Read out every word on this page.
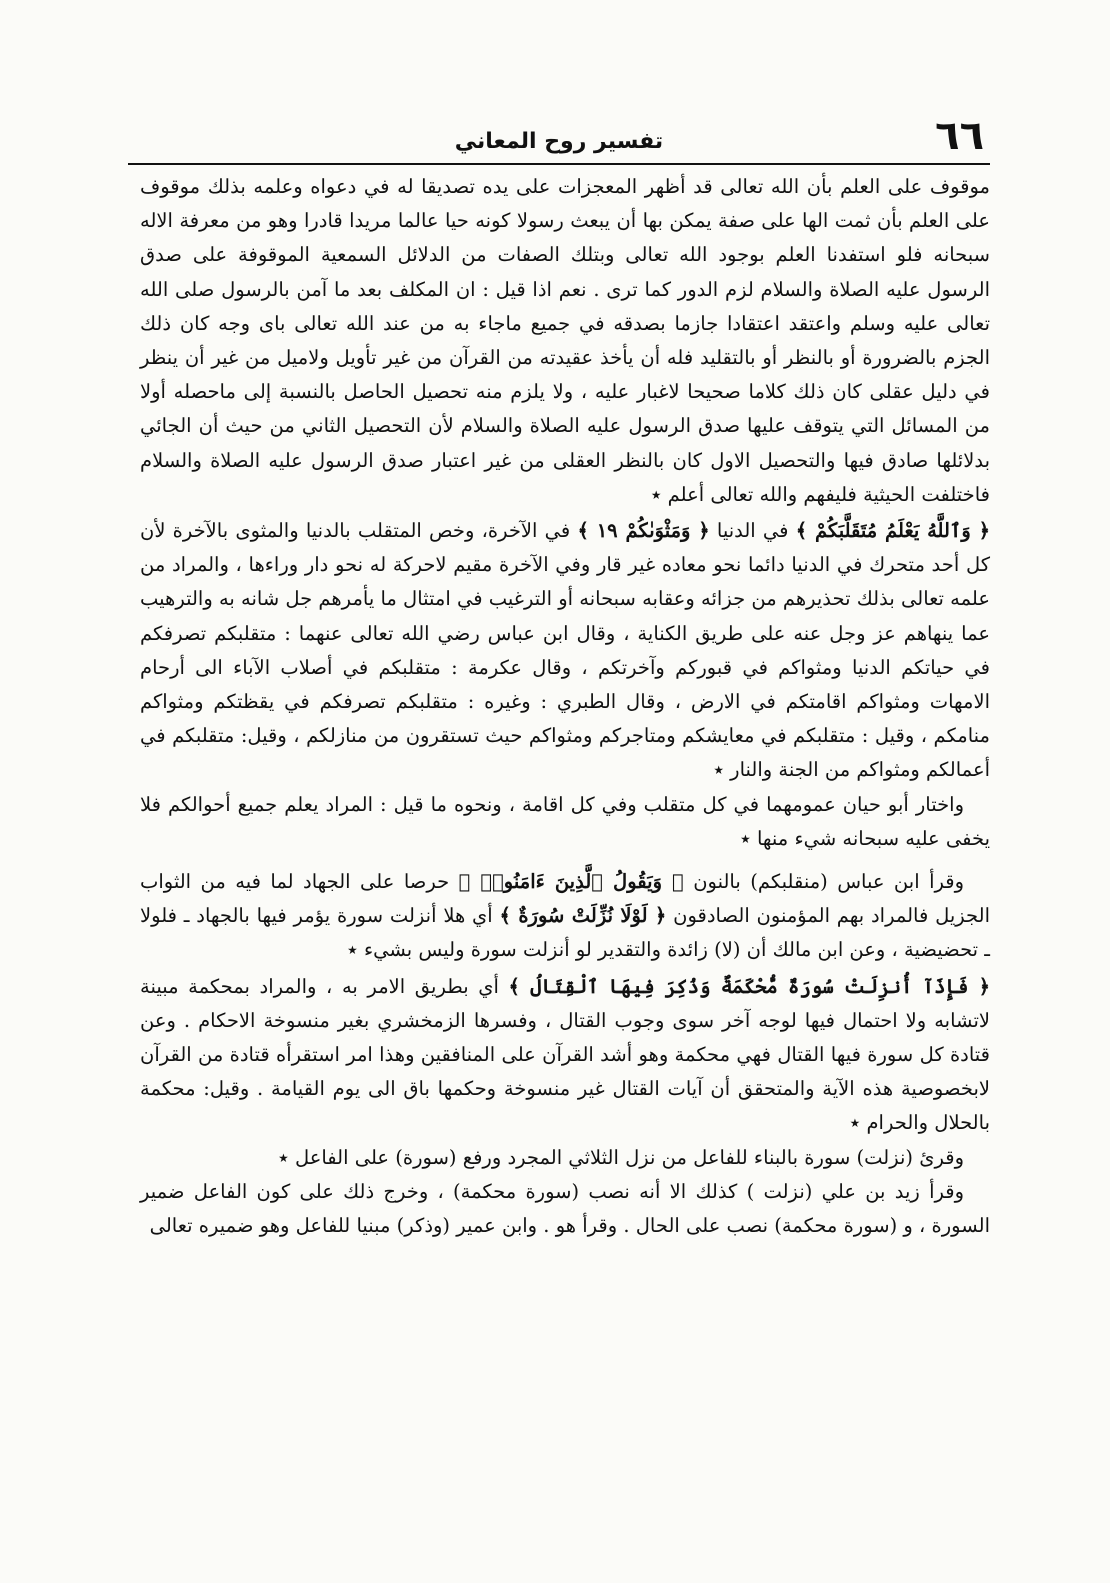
٦٦
تفسير روح المعاني

موقوف على العلم بأن الله تعالى قد أظهر المعجزات على يده تصديقا له في دعواه وعلمه بذلك موقوف على العلم بأن ثمت الها على صفة يمكن بها أن يبعث رسولا كونه حيا عالما مريدا قادرا وهو من معرفة الاله سبحانه فلو استفدنا العلم بوجود الله تعالى وبتلك الصفات من الدلائل السمعية الموقوفة على صدق الرسول عليه الصلاة والسلام لزم الدور كما ترى . نعم اذا قيل : ان المكلف بعد ما آمن بالرسول صلى الله تعالى عليه وسلم واعتقد اعتقادا جازما بصدقه في جميع ماجاء به من عند الله تعالى باى وجه كان ذلك الجزم بالضرورة أو بالنظر أو بالتقليد فله أن يأخذ عقيدته من القرآن من غير تأويل ولاميل من غير أن ينظر في دليل عقلى كان ذلك كلاما صحيحا لاغبار عليه ، ولا يلزم منه تحصيل الحاصل بالنسبة إلى ماحصله أولا من المسائل التي يتوقف عليها صدق الرسول عليه الصلاة والسلام لأن التحصيل الثاني من حيث أن الجائي بدلائلها صادق فيها والتحصيل الاول كان بالنظر العقلى من غير اعتبار صدق الرسول عليه الصلاة والسلام فاختلفت الحيثية فليفهم والله تعالى أعلم ٭

﴿ وَٱللَّهُ يَعْلَمُ مُتَقَلَّبَكُمْ ﴾ في الدنيا ﴿ وَمَثْوَىٰكُمْ ١٩ ﴾ في الآخرة، وخص المتقلب بالدنيا والمثوى بالآخرة لأن كل أحد متحرك في الدنيا دائما نحو معاده غير قار وفي الآخرة مقيم لاحركة له نحو دار وراءها ، والمراد من علمه تعالى بذلك تحذيرهم من جزائه وعقابه سبحانه أو الترغيب في امتثال ما يأمرهم جل شانه به والترهيب عما ينهاهم عز وجل عنه على طريق الكناية ، وقال ابن عباس رضي الله تعالى عنهما : متقلبكم تصرفكم في حياتكم الدنيا ومثواكم في قبوركم وآخرتكم ، وقال عكرمة : متقلبكم في أصلاب الآباء الى أرحام الامهات ومثواكم اقامتكم في الارض ، وقال الطبري : وغيره : متقلبكم تصرفكم في يقظتكم ومثواكم منامكم ، وقيل : متقلبكم في معايشكم ومتاجركم ومثواكم حيث تستقرون من منازلكم ، وقيل: متقلبكم في أعمالكم ومثواكم من الجنة والنار ٭

واختار أبو حيان عمومهما في كل متقلب وفي كل اقامة ، ونحوه ما قيل : المراد يعلم جميع أحوالكم فلا يخفى عليه سبحانه شيء منها ٭

وقرأ ابن عباس (منقلبكم) بالنون ﴿ وَيَقُولُ ٱلَّذِينَ ءَامَنُوا۟ ﴾ حرصا على الجهاد لما فيه من الثواب الجزيل فالمراد بهم المؤمنون الصادقون ﴿ لَوْلَا نُزِّلَتْ سُورَةٌ ﴾ أي هلا أنزلت سورة يؤمر فيها بالجهاد ـ فلولا ـ تحضيضية ، وعن ابن مالك أن (لا) زائدة والتقدير لو أنزلت سورة وليس بشيء ٭

﴿ فَإِذَآ أُنزِلَتْ سُورَةٌ مُّحْكَمَةٌ وَذُكِرَ فِيهَا ٱلْقِتَالُ ﴾ أي بطريق الامر به ، والمراد بمحكمة مبينة لاتشابه ولا احتمال فيها لوجه آخر سوى وجوب القتال ، وفسرها الزمخشري بغير منسوخة الاحكام . وعن قتادة كل سورة فيها القتال فهي محكمة وهو أشد القرآن على المنافقين وهذا امر استقرأه قتادة من القرآن لابخصوصية هذه الآية والمتحقق أن آيات القتال غير منسوخة وحكمها باق الى يوم القيامة . وقيل: محكمة بالحلال والحرام ٭

وقرئ (نزلت) سورة بالبناء للفاعل من نزل الثلاثي المجرد ورفع (سورة) على الفاعل ٭

وقرأ زيد بن علي (نزلت ) كذلك الا أنه نصب (سورة محكمة) ، وخرج ذلك على كون الفاعل ضمير السورة ، و (سورة محكمة) نصب على الحال . وقرأ هو . وابن عمير (وذكر) مبنيا للفاعل وهو ضميره تعالى
